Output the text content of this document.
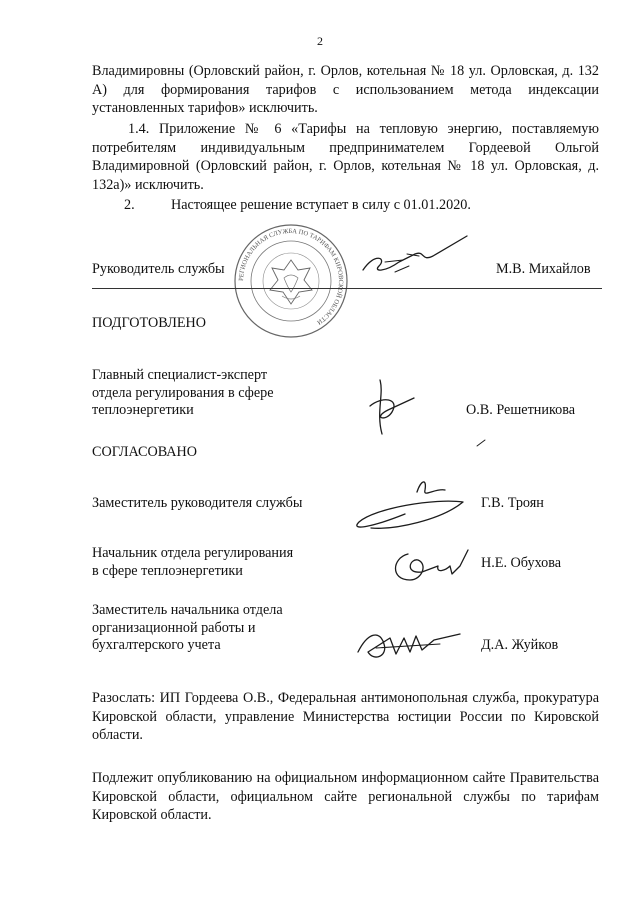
2
Владимировны (Орловский район, г. Орлов, котельная № 18 ул. Орловская, д. 132 А) для формирования тарифов с использованием метода индексации установленных тарифов» исключить.
1.4. Приложение № 6 «Тарифы на тепловую энергию, поставляемую потребителям индивидуальным предпринимателем Гордеевой Ольгой Владимировной (Орловский район, г. Орлов, котельная № 18 ул. Орловская, д. 132а)» исключить.
2.	Настоящее решение вступает в силу с 01.01.2020.
РЕГИОНАЛЬНАЯ СЛУЖБА ПО ТАРИФАМ КИРОВСКОЙ ОБЛАСТИ
Руководитель службы	М.В. Михайлов
ПОДГОТОВЛЕНО
Главный специалист-эксперт
отдела регулирования в сфере
теплоэнергетики	О.В. Решетникова
СОГЛАСОВАНО
Заместитель руководителя службы	Г.В. Троян
Начальник отдела регулирования
в сфере теплоэнергетики	Н.Е. Обухова
Заместитель начальника отдела
организационной работы и
бухгалтерского учета	Д.А. Жуйков
Разослать: ИП Гордеева О.В., Федеральная антимонопольная служба, прокуратура Кировской области, управление Министерства юстиции России по Кировской области.
Подлежит опубликованию на официальном информационном сайте Правительства Кировской области, официальном сайте региональной службы по тарифам Кировской области.
